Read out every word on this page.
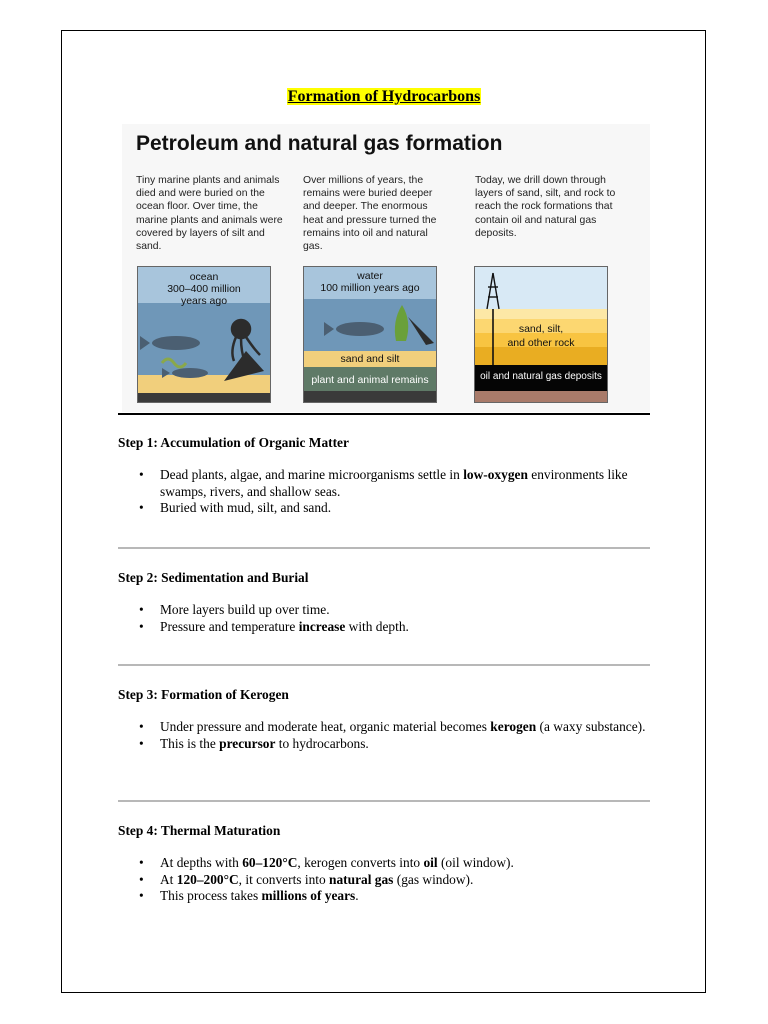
Formation of Hydrocarbons
Petroleum and natural gas formation
Tiny marine plants and animals died and were buried on the ocean floor. Over time, the marine plants and animals were covered by layers of silt and sand.
Over millions of years, the remains were buried deeper and deeper. The enormous heat and pressure turned the remains into oil and natural gas.
Today, we drill down through layers of sand, silt, and rock to reach the rock formations that contain oil and natural gas deposits.
ocean
300–400 million
years ago
water
100 million years ago
sand and silt
plant and animal remains
sand, silt,
and other rock
oil and natural gas deposits
Step 1: Accumulation of Organic Matter
• Dead plants, algae, and marine microorganisms settle in low-oxygen environments like swamps, rivers, and shallow seas.
• Buried with mud, silt, and sand.
Step 2: Sedimentation and Burial
• More layers build up over time.
• Pressure and temperature increase with depth.
Step 3: Formation of Kerogen
• Under pressure and moderate heat, organic material becomes kerogen (a waxy substance).
• This is the precursor to hydrocarbons.
Step 4: Thermal Maturation
• At depths with 60–120°C, kerogen converts into oil (oil window).
• At 120–200°C, it converts into natural gas (gas window).
• This process takes millions of years.
